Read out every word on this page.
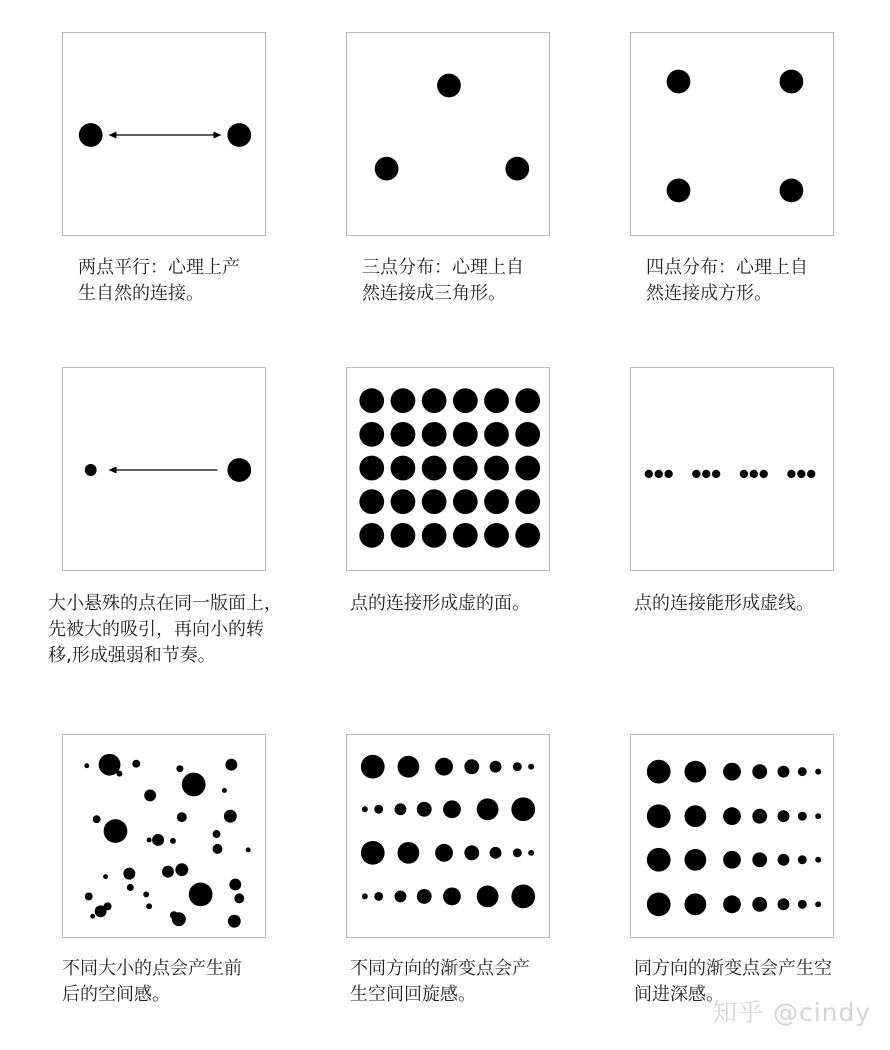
两点平行：心理上产
生自然的连接。

三点分布：心理上自
然连接成三角形。

四点分布：心理上自
然连接成方形。

大小悬殊的点在同一版面上，
先被大的吸引，再向小的转
移,形成强弱和节奏。

点的连接形成虚的面。	点的连接能形成虚线。

不同大小的点会产生前
后的空间感。

不同方向的渐变点会产
生空间回旋感。

同方向的渐变点会产生空
间进深感。

知乎 @cindy
